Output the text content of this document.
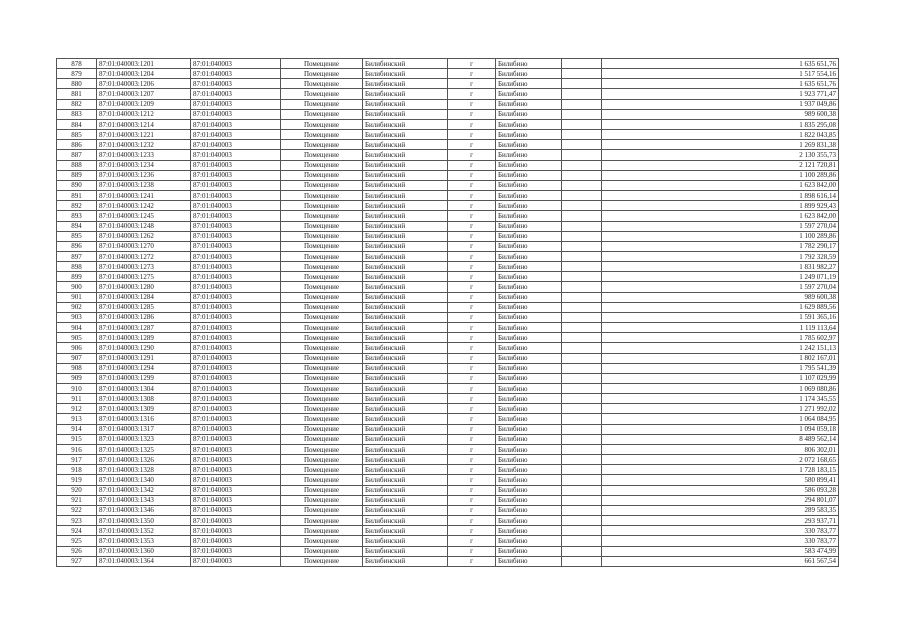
878	87:01:040003:1201	87:01:040003	Помещение	Билибинский	г	Билибино		1 635 651,76
879	87:01:040003:1204	87:01:040003	Помещение	Билибинский	г	Билибино		1 517 554,16
880	87:01:040003:1206	87:01:040003	Помещение	Билибинский	г	Билибино		1 635 651,76
881	87:01:040003:1207	87:01:040003	Помещение	Билибинский	г	Билибино		1 923 771,47
882	87:01:040003:1209	87:01:040003	Помещение	Билибинский	г	Билибино		1 937 049,86
883	87:01:040003:1212	87:01:040003	Помещение	Билибинский	г	Билибино		989 600,38
884	87:01:040003:1214	87:01:040003	Помещение	Билибинский	г	Билибино		1 835 295,08
885	87:01:040003:1221	87:01:040003	Помещение	Билибинский	г	Билибино		1 822 043,85
886	87:01:040003:1232	87:01:040003	Помещение	Билибинский	г	Билибино		1 269 831,38
887	87:01:040003:1233	87:01:040003	Помещение	Билибинский	г	Билибино		2 130 355,73
888	87:01:040003:1234	87:01:040003	Помещение	Билибинский	г	Билибино		2 121 720,81
889	87:01:040003:1236	87:01:040003	Помещение	Билибинский	г	Билибино		1 100 289,86
890	87:01:040003:1238	87:01:040003	Помещение	Билибинский	г	Билибино		1 623 842,00
891	87:01:040003:1241	87:01:040003	Помещение	Билибинский	г	Билибино		1 898 616,14
892	87:01:040003:1242	87:01:040003	Помещение	Билибинский	г	Билибино		1 899 929,43
893	87:01:040003:1245	87:01:040003	Помещение	Билибинский	г	Билибино		1 623 842,00
894	87:01:040003:1248	87:01:040003	Помещение	Билибинский	г	Билибино		1 597 270,04
895	87:01:040003:1262	87:01:040003	Помещение	Билибинский	г	Билибино		1 100 289,86
896	87:01:040003:1270	87:01:040003	Помещение	Билибинский	г	Билибино		1 782 290,17
897	87:01:040003:1272	87:01:040003	Помещение	Билибинский	г	Билибино		1 792 328,59
898	87:01:040003:1273	87:01:040003	Помещение	Билибинский	г	Билибино		1 831 982,27
899	87:01:040003:1275	87:01:040003	Помещение	Билибинский	г	Билибино		1 249 071,19
900	87:01:040003:1280	87:01:040003	Помещение	Билибинский	г	Билибино		1 597 270,04
901	87:01:040003:1284	87:01:040003	Помещение	Билибинский	г	Билибино		989 600,38
902	87:01:040003:1285	87:01:040003	Помещение	Билибинский	г	Билибино		1 629 889,56
903	87:01:040003:1286	87:01:040003	Помещение	Билибинский	г	Билибино		1 591 365,16
904	87:01:040003:1287	87:01:040003	Помещение	Билибинский	г	Билибино		1 119 113,64
905	87:01:040003:1289	87:01:040003	Помещение	Билибинский	г	Билибино		1 785 602,97
906	87:01:040003:1290	87:01:040003	Помещение	Билибинский	г	Билибино		1 242 151,13
907	87:01:040003:1291	87:01:040003	Помещение	Билибинский	г	Билибино		1 802 167,01
908	87:01:040003:1294	87:01:040003	Помещение	Билибинский	г	Билибино		1 795 541,39
909	87:01:040003:1299	87:01:040003	Помещение	Билибинский	г	Билибино		1 107 029,99
910	87:01:040003:1304	87:01:040003	Помещение	Билибинский	г	Билибино		1 069 080,86
911	87:01:040003:1308	87:01:040003	Помещение	Билибинский	г	Билибино		1 174 345,55
912	87:01:040003:1309	87:01:040003	Помещение	Билибинский	г	Билибино		1 271 992,02
913	87:01:040003:1316	87:01:040003	Помещение	Билибинский	г	Билибино		1 064 084,95
914	87:01:040003:1317	87:01:040003	Помещение	Билибинский	г	Билибино		1 094 059,18
915	87:01:040003:1323	87:01:040003	Помещение	Билибинский	г	Билибино		8 489 562,14
916	87:01:040003:1325	87:01:040003	Помещение	Билибинский	г	Билибино		806 302,01
917	87:01:040003:1326	87:01:040003	Помещение	Билибинский	г	Билибино		2 072 168,65
918	87:01:040003:1328	87:01:040003	Помещение	Билибинский	г	Билибино		1 728 183,15
919	87:01:040003:1340	87:01:040003	Помещение	Билибинский	г	Билибино		580 899,41
920	87:01:040003:1342	87:01:040003	Помещение	Билибинский	г	Билибино		586 093,28
921	87:01:040003:1343	87:01:040003	Помещение	Билибинский	г	Билибино		294 801,07
922	87:01:040003:1346	87:01:040003	Помещение	Билибинский	г	Билибино		289 583,35
923	87:01:040003:1350	87:01:040003	Помещение	Билибинский	г	Билибино		293 937,71
924	87:01:040003:1352	87:01:040003	Помещение	Билибинский	г	Билибино		330 783,77
925	87:01:040003:1353	87:01:040003	Помещение	Билибинский	г	Билибино		330 783,77
926	87:01:040003:1360	87:01:040003	Помещение	Билибинский	г	Билибино		583 474,99
927	87:01:040003:1364	87:01:040003	Помещение	Билибинский	г	Билибино		661 567,54
